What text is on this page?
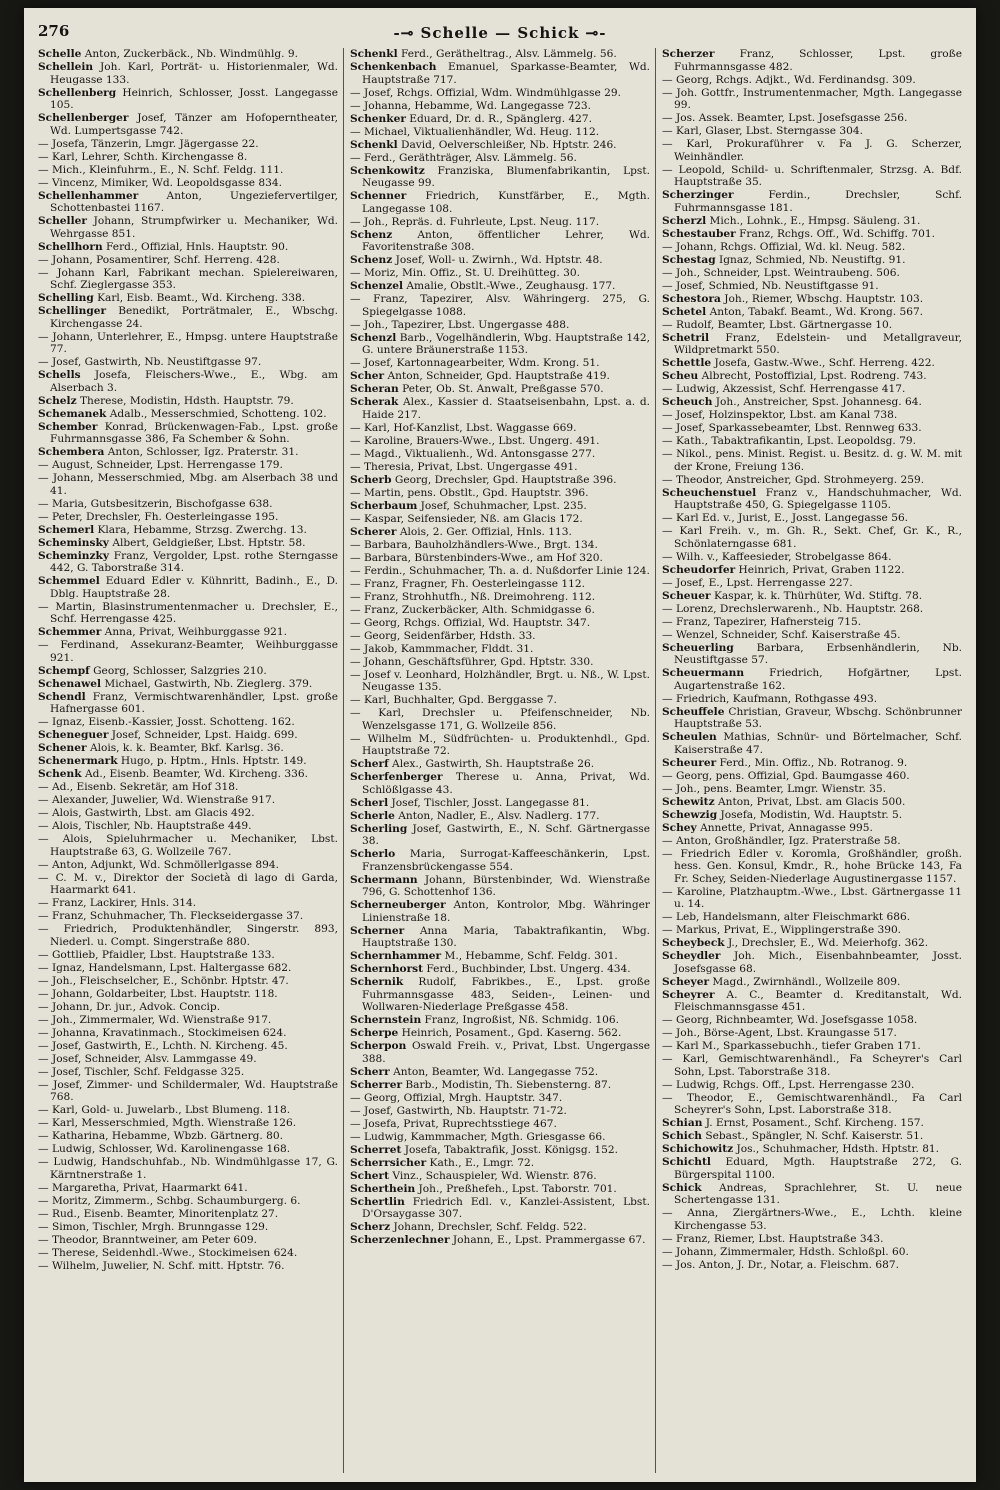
276	-⊸ Schelle — Schick ⊸-

Schelle Anton, Zuckerbäck., Nb. Windmühlg. 9.

Schellein Joh. Karl, Porträt- u. Historienmaler, Wd. Heugasse 133.

Schellenberg Heinrich, Schlosser, Josst. Langegasse 105.

Schellenberger Josef, Tänzer am Hofoperntheater, Wd. Lumpertsgasse 742.

— Josefa, Tänzerin, Lmgr. Jägergasse 22.

— Karl, Lehrer, Schth. Kirchengasse 8.

— Mich., Kleinfuhrm., E., N. Schf. Feldg. 111.

— Vincenz, Mimiker, Wd. Leopoldsgasse 834.

Schellenhammer Anton, Ungeziefervertilger, Schottenbastei 1167.

Scheller Johann, Strumpfwirker u. Mechaniker, Wd. Wehrgasse 851.

Schellhorn Ferd., Offizial, Hnls. Hauptstr. 90.

— Johann, Posamentirer, Schf. Herreng. 428.

— Johann Karl, Fabrikant mechan. Spielereiwaren, Schf. Zieglergasse 353.

Schelling Karl, Eisb. Beamt., Wd. Kircheng. 338.

Schellinger Benedikt, Porträtmaler, E., Wbschg. Kirchengasse 24.

— Johann, Unterlehrer, E., Hmpsg. untere Hauptstraße 77.

— Josef, Gastwirth, Nb. Neustiftgasse 97.

Schells Josefa, Fleischers-Wwe., E., Wbg. am Alserbach 3.

Schelz Therese, Modistin, Hdsth. Hauptstr. 79.

Schemanek Adalb., Messerschmied, Schotteng. 102.

Schember Konrad, Brückenwagen-Fab., Lpst. große Fuhrmannsgasse 386, Fa Schember & Sohn.

Schembera Anton, Schlosser, Igz. Praterstr. 31.

— August, Schneider, Lpst. Herrengasse 179.

— Johann, Messerschmied, Mbg. am Alserbach 38 und 41.

— Maria, Gutsbesitzerin, Bischofgasse 638.

— Peter, Drechsler, Fh. Oesterleingasse 195.

Schemerl Klara, Hebamme, Strzsg. Zwerchg. 13.

Scheminsky Albert, Geldgießer, Lbst. Hptstr. 58.

Scheminzky Franz, Vergolder, Lpst. rothe Sterngasse 442, G. Taborstraße 314.

Schemmel Eduard Edler v. Kühnritt, Badinh., E., D. Dblg. Hauptstraße 28.

— Martin, Blasinstrumentenmacher u. Drechsler, E., Schf. Herrengasse 425.

Schemmer Anna, Privat, Weihburggasse 921.

— Ferdinand, Assekuranz-Beamter, Weihburggasse 921.

Schempf Georg, Schlosser, Salzgries 210.

Schenawel Michael, Gastwirth, Nb. Zieglerg. 379.

Schendl Franz, Vermischtwarenhändler, Lpst. große Hafnergasse 601.

— Ignaz, Eisenb.-Kassier, Josst. Schotteng. 162.

Scheneguer Josef, Schneider, Lpst. Haidg. 699.

Schener Alois, k. k. Beamter, Bkf. Karlsg. 36.

Schenermark Hugo, p. Hptm., Hnls. Hptstr. 149.

Schenk Ad., Eisenb. Beamter, Wd. Kircheng. 336.

— Ad., Eisenb. Sekretär, am Hof 318.

— Alexander, Juwelier, Wd. Wienstraße 917.

— Alois, Gastwirth, Lbst. am Glacis 492.

— Alois, Tischler, Nb. Hauptstraße 449.

— Alois, Spieluhrmacher u. Mechaniker, Lbst. Hauptstraße 63, G. Wollzeile 767.

— Anton, Adjunkt, Wd. Schmöllerlgasse 894.

— C. M. v., Direktor der Società di lago di Garda, Haarmarkt 641.

— Franz, Lackirer, Hnls. 314.

— Franz, Schuhmacher, Th. Fleckseidergasse 37.

— Friedrich, Produktenhändler, Singerstr. 893, Niederl. u. Compt. Singerstraße 880.

— Gottlieb, Pfaidler, Lbst. Hauptstraße 133.

— Ignaz, Handelsmann, Lpst. Haltergasse 682.

— Joh., Fleischselcher, E., Schönbr. Hptstr. 47.

— Johann, Goldarbeiter, Lbst. Hauptstr. 118.

— Johann, Dr. jur., Advok. Concip.

— Joh., Zimmermaler, Wd. Wienstraße 917.

— Johanna, Kravatinmach., Stockimeisen 624.

— Josef, Gastwirth, E., Lchth. N. Kircheng. 45.

— Josef, Schneider, Alsv. Lammgasse 49.

— Josef, Tischler, Schf. Feldgasse 325.

— Josef, Zimmer- und Schildermaler, Wd. Hauptstraße 768.

— Karl, Gold- u. Juwelarb., Lbst Blumeng. 118.

— Karl, Messerschmied, Mgth. Wienstraße 126.

— Katharina, Hebamme, Wbzb. Gärtnerg. 80.

— Ludwig, Schlosser, Wd. Karolinengasse 168.

— Ludwig, Handschuhfab., Nb. Windmühlgasse 17, G. Kärntnerstraße 1.

— Margaretha, Privat, Haarmarkt 641.

— Moritz, Zimmerm., Schbg. Schaumburgerg. 6.

— Rud., Eisenb. Beamter, Minoritenplatz 27.

— Simon, Tischler, Mrgh. Brunngasse 129.

— Theodor, Branntweiner, am Peter 609.

— Therese, Seidenhdl.-Wwe., Stockimeisen 624.

— Wilhelm, Juwelier, N. Schf. mitt. Hptstr. 76.

Schenkl Ferd., Gerätheltrag., Alsv. Lämmelg. 56.

Schenkenbach Emanuel, Sparkasse-Beamter, Wd. Hauptstraße 717.

— Josef, Rchgs. Offizial, Wdm. Windmühlgasse 29.

— Johanna, Hebamme, Wd. Langegasse 723.

Schenker Eduard, Dr. d. R., Spänglerg. 427.

— Michael, Viktualienhändler, Wd. Heug. 112.

Schenkl David, Oelverschleißer, Nb. Hptstr. 246.

— Ferd., Geräthträger, Alsv. Lämmelg. 56.

Schenkowitz Franziska, Blumenfabrikantin, Lpst. Neugasse 99.

Schenner Friedrich, Kunstfärber, E., Mgth. Langegasse 108.

— Joh., Repräs. d. Fuhrleute, Lpst. Neug. 117.

Schenz Anton, öffentlicher Lehrer, Wd. Favoritenstraße 308.

Schenz Josef, Woll- u. Zwirnh., Wd. Hptstr. 48.

— Moriz, Min. Offiz., St. U. Dreihütteg. 30.

Schenzel Amalie, Obstlt.-Wwe., Zeughausg. 177.

— Franz, Tapezirer, Alsv. Währingerg. 275, G. Spiegelgasse 1088.

— Joh., Tapezirer, Lbst. Ungergasse 488.

Schenzl Barb., Vogelhändlerin, Wbg. Hauptstraße 142, G. untere Bräunerstraße 1153.

— Josef, Kartonnagearbeiter, Wdm. Krong. 51.

Scher Anton, Schneider, Gpd. Hauptstraße 419.

Scheran Peter, Ob. St. Anwalt, Preßgasse 570.

Scherak Alex., Kassier d. Staatseisenbahn, Lpst. a. d. Haide 217.

— Karl, Hof-Kanzlist, Lbst. Waggasse 669.

— Karoline, Brauers-Wwe., Lbst. Ungerg. 491.

— Magd., Viktualienh., Wd. Antonsgasse 277.

— Theresia, Privat, Lbst. Ungergasse 491.

Scherb Georg, Drechsler, Gpd. Hauptstraße 396.

— Martin, pens. Obstlt., Gpd. Hauptstr. 396.

Scherbaum Josef, Schuhmacher, Lpst. 235.

— Kaspar, Seifensieder, Nß. am Glacis 172.

Scherer Alois, 2. Ger. Offizial, Hnls. 113.

— Barbara, Bauholzhändlers-Wwe., Brgt. 134.

— Barbara, Bürstenbinders-Wwe., am Hof 320.

— Ferdin., Schuhmacher, Th. a. d. Nußdorfer Linie 124.

— Franz, Fragner, Fh. Oesterleingasse 112.

— Franz, Strohhutfh., Nß. Dreimohreng. 112.

— Franz, Zuckerbäcker, Alth. Schmidgasse 6.

— Georg, Rchgs. Offizial, Wd. Hauptstr. 347.

— Georg, Seidenfärber, Hdsth. 33.

— Jakob, Kammmacher, Flddt. 31.

— Johann, Geschäftsführer, Gpd. Hptstr. 330.

— Josef v. Leonhard, Holzhändler, Brgt. u. Nß., W. Lpst. Neugasse 135.

— Karl, Buchhalter, Gpd. Berggasse 7.

— Karl, Drechsler u. Pfeifenschneider, Nb. Wenzelsgasse 171, G. Wollzeile 856.

— Wilhelm M., Südfrüchten- u. Produktenhdl., Gpd. Hauptstraße 72.

Scherf Alex., Gastwirth, Sh. Hauptstraße 26.

Scherfenberger Therese u. Anna, Privat, Wd. Schlößlgasse 43.

Scherl Josef, Tischler, Josst. Langegasse 81.

Scherle Anton, Nadler, E., Alsv. Nadlerg. 177.

Scherling Josef, Gastwirth, E., N. Schf. Gärtnergasse 38.

Scherlo Maria, Surrogat-Kaffeeschänkerin, Lpst. Franzensbrückengasse 554.

Schermann Johann, Bürstenbinder, Wd. Wienstraße 796, G. Schottenhof 136.

Scherneuberger Anton, Kontrolor, Mbg. Währinger Linienstraße 18.

Scherner Anna Maria, Tabaktrafikantin, Wbg. Hauptstraße 130.

Schernhammer M., Hebamme, Schf. Feldg. 301.

Schernhorst Ferd., Buchbinder, Lbst. Ungerg. 434.

Schernik Rudolf, Fabrikbes., E., Lpst. große Fuhrmannsgasse 483, Seiden-, Leinen- und Wollwaren-Niederlage Preßgasse 458.

Schernstein Franz, Ingroßist, Nß. Schmidg. 106.

Scherpe Heinrich, Posament., Gpd. Kaserng. 562.

Scherpon Oswald Freih. v., Privat, Lbst. Ungergasse 388.

Scherr Anton, Beamter, Wd. Langegasse 752.

Scherrer Barb., Modistin, Th. Siebensterng. 87.

— Georg, Offizial, Mrgh. Hauptstr. 347.

— Josef, Gastwirth, Nb. Hauptstr. 71-72.

— Josefa, Privat, Ruprechtsstiege 467.

— Ludwig, Kammmacher, Mgth. Griesgasse 66.

Scherret Josefa, Tabaktrafik, Josst. Königsg. 152.

Scherrsicher Kath., E., Lmgr. 72.

Schert Vinz., Schauspieler, Wd. Wienstr. 876.

Scherthein Joh., Preßhefeh., Lpst. Taborstr. 701.

Schertlin Friedrich Edl. v., Kanzlei-Assistent, Lbst. D'Orsaygasse 307.

Scherz Johann, Drechsler, Schf. Feldg. 522.

Scherzenlechner Johann, E., Lpst. Prammergasse 67.

Scherzer Franz, Schlosser, Lpst. große Fuhrmannsgasse 482.

— Georg, Rchgs. Adjkt., Wd. Ferdinandsg. 309.

— Joh. Gottfr., Instrumentenmacher, Mgth. Langegasse 99.

— Jos. Assek. Beamter, Lpst. Josefsgasse 256.

— Karl, Glaser, Lbst. Sterngasse 304.

— Karl, Prokuraführer v. Fa J. G. Scherzer, Weinhändler.

— Leopold, Schild- u. Schriftenmaler, Strzsg. A. Bdf. Hauptstraße 35.

Scherzinger Ferdin., Drechsler, Schf. Fuhrmannsgasse 181.

Scherzl Mich., Lohnk., E., Hmpsg. Säuleng. 31.

Schestauber Franz, Rchgs. Off., Wd. Schiffg. 701.

— Johann, Rchgs. Offizial, Wd. kl. Neug. 582.

Schestag Ignaz, Schmied, Nb. Neustiftg. 91.

— Joh., Schneider, Lpst. Weintraubeng. 506.

— Josef, Schmied, Nb. Neustiftgasse 91.

Schestora Joh., Riemer, Wbschg. Hauptstr. 103.

Schetel Anton, Tabakf. Beamt., Wd. Krong. 567.

— Rudolf, Beamter, Lbst. Gärtnergasse 10.

Schetril Franz, Edelstein- und Metallgraveur, Wildpretmarkt 550.

Schettle Josefa, Gastw.-Wwe., Schf. Herreng. 422.

Scheu Albrecht, Postoffizial, Lpst. Rodreng. 743.

— Ludwig, Akzessist, Schf. Herrengasse 417.

Scheuch Joh., Anstreicher, Spst. Johannesg. 64.

— Josef, Holzinspektor, Lbst. am Kanal 738.

— Josef, Sparkassebeamter, Lbst. Rennweg 633.

— Kath., Tabaktrafikantin, Lpst. Leopoldsg. 79.

— Nikol., pens. Minist. Regist. u. Besitz. d. g. W. M. mit der Krone, Freiung 136.

— Theodor, Anstreicher, Gpd. Strohmeyerg. 259.

Scheuchenstuel Franz v., Handschuhmacher, Wd. Hauptstraße 450, G. Spiegelgasse 1105.

— Karl Ed. v., Jurist, E., Josst. Langegasse 56.

— Karl Freih. v., m. Gh. R., Sekt. Chef, Gr. K., R., Schönlaterngasse 681.

— Wilh. v., Kaffeesieder, Strobelgasse 864.

Scheudorfer Heinrich, Privat, Graben 1122.

— Josef, E., Lpst. Herrengasse 227.

Scheuer Kaspar, k. k. Thürhüter, Wd. Stiftg. 78.

— Lorenz, Drechslerwarenh., Nb. Hauptstr. 268.

— Franz, Tapezirer, Hafnersteig 715.

— Wenzel, Schneider, Schf. Kaiserstraße 45.

Scheuerling Barbara, Erbsenhändlerin, Nb. Neustiftgasse 57.

Scheuermann Friedrich, Hofgärtner, Lpst. Augartenstraße 162.

— Friedrich, Kaufmann, Rothgasse 493.

Scheuffele Christian, Graveur, Wbschg. Schönbrunner Hauptstraße 53.

Scheulen Mathias, Schnür- und Börtelmacher, Schf. Kaiserstraße 47.

Scheurer Ferd., Min. Offiz., Nb. Rotranog. 9.

— Georg, pens. Offizial, Gpd. Baumgasse 460.

— Joh., pens. Beamter, Lmgr. Wienstr. 35.

Schewitz Anton, Privat, Lbst. am Glacis 500.

Schewzig Josefa, Modistin, Wd. Hauptstr. 5.

Schey Annette, Privat, Annagasse 995.

— Anton, Großhändler, Igz. Praterstraße 58.

— Friedrich Edler v. Koromla, Großhändler, großh. hess. Gen. Konsul, Kmdr., R., hohe Brücke 143, Fa Fr. Schey, Seiden-Niederlage Augustinergasse 1157.

— Karoline, Platzhauptm.-Wwe., Lbst. Gärtnergasse 11 u. 14.

— Leb, Handelsmann, alter Fleischmarkt 686.

— Markus, Privat, E., Wipplingerstraße 390.

Scheybeck J., Drechsler, E., Wd. Meierhofg. 362.

Scheydler Joh. Mich., Eisenbahnbeamter, Josst. Josefsgasse 68.

Scheyer Magd., Zwirnhändl., Wollzeile 809.

Scheyrer A. C., Beamter d. Kreditanstalt, Wd. Fleischmannsgasse 451.

— Georg, Richnbeamter, Wd. Josefsgasse 1058.

— Joh., Börse-Agent, Lbst. Kraungasse 517.

— Karl M., Sparkassebuchh., tiefer Graben 171.

— Karl, Gemischtwarenhändl., Fa Scheyrer's Carl Sohn, Lpst. Taborstraße 318.

— Ludwig, Rchgs. Off., Lpst. Herrengasse 230.

— Theodor, E., Gemischtwarenhändl., Fa Carl Scheyrer's Sohn, Lpst. Laborstraße 318.

Schian J. Ernst, Posament., Schf. Kircheng. 157.

Schich Sebast., Spängler, N. Schf. Kaiserstr. 51.

Schichowitz Jos., Schuhmacher, Hdsth. Hptstr. 81.

Schichtl Eduard, Mgth. Hauptstraße 272, G. Bürgerspital 1100.

Schick Andreas, Sprachlehrer, St. U. neue Schertengasse 131.

— Anna, Ziergärtners-Wwe., E., Lchth. kleine Kirchengasse 53.

— Franz, Riemer, Lbst. Hauptstraße 343.

— Johann, Zimmermaler, Hdsth. Schloßpl. 60.

— Jos. Anton, J. Dr., Notar, a. Fleischm. 687.
